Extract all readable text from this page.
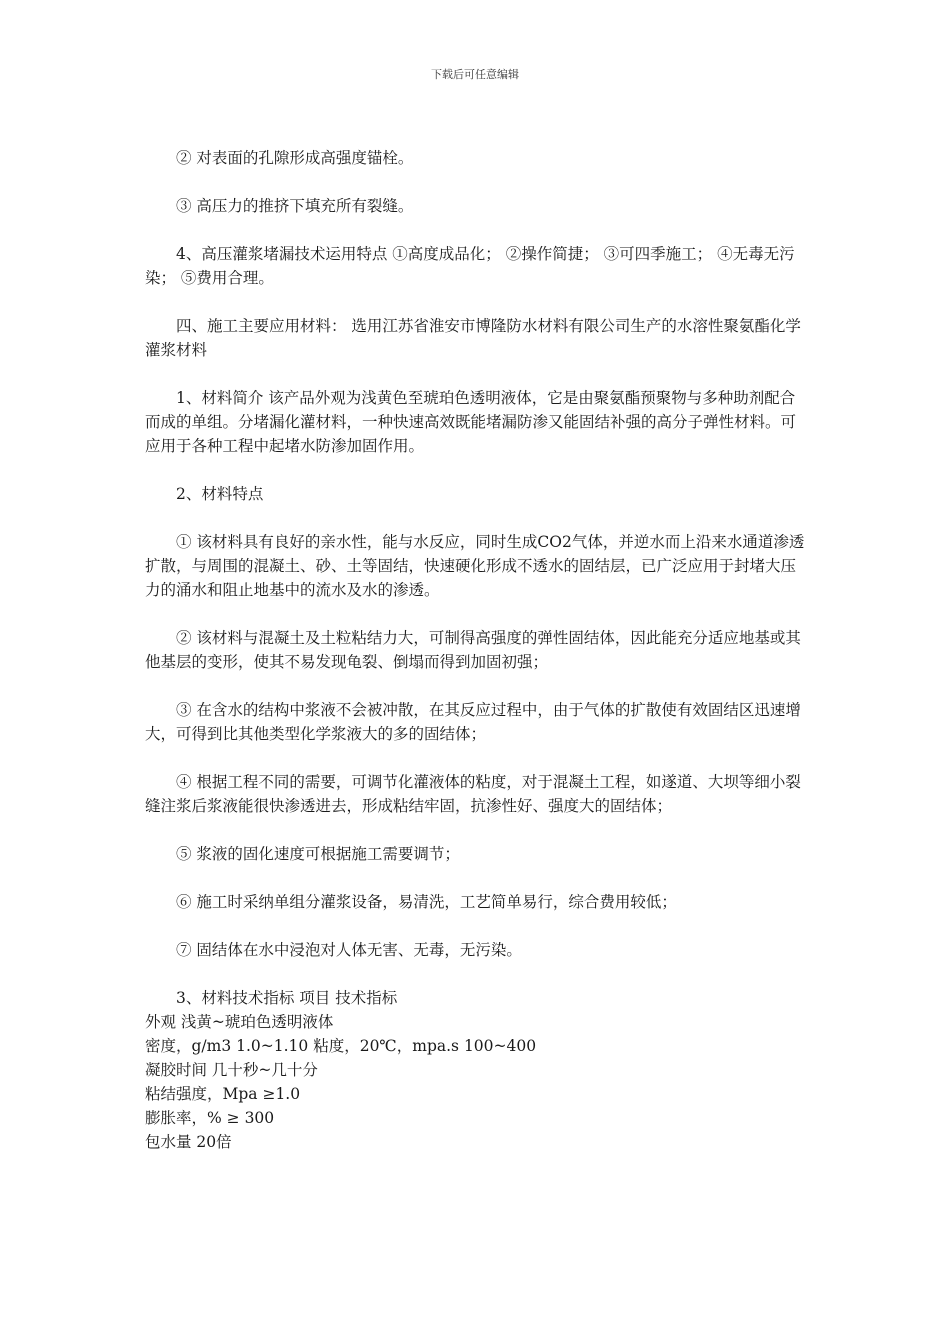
下载后可任意编辑

② 对表面的孔隙形成高强度锚栓。

③ 高压力的推挤下填充所有裂缝。

4、高压灌浆堵漏技术运用特点 ①高度成品化； ②操作简捷； ③可四季施工； ④无毒无污染； ⑤费用合理。

四、施工主要应用材料： 选用江苏省淮安市博隆防水材料有限公司生产的水溶性聚氨酯化学灌浆材料

1、材料简介 该产品外观为浅黄色至琥珀色透明液体，它是由聚氨酯预聚物与多种助剂配合而成的单组。分堵漏化灌材料，一种快速高效既能堵漏防渗又能固结补强的高分子弹性材料。可应用于各种工程中起堵水防渗加固作用。

2、材料特点

① 该材料具有良好的亲水性，能与水反应，同时生成CO2气体，并逆水而上沿来水通道渗透扩散，与周围的混凝土、砂、土等固结，快速硬化形成不透水的固结层，已广泛应用于封堵大压力的涌水和阻止地基中的流水及水的渗透。

② 该材料与混凝土及土粒粘结力大，可制得高强度的弹性固结体，因此能充分适应地基或其他基层的变形，使其不易发现龟裂、倒塌而得到加固初强；

③ 在含水的结构中浆液不会被冲散，在其反应过程中，由于气体的扩散使有效固结区迅速增大，可得到比其他类型化学浆液大的多的固结体；

④ 根据工程不同的需要，可调节化灌液体的粘度，对于混凝土工程，如遂道、大坝等细小裂缝注浆后浆液能很快渗透进去，形成粘结牢固，抗渗性好、强度大的固结体；

⑤ 浆液的固化速度可根据施工需要调节；

⑥ 施工时采纳单组分灌浆设备，易清洗，工艺简单易行，综合费用较低；

⑦ 固结体在水中浸泡对人体无害、无毒，无污染。

3、材料技术指标 项目 技术指标

外观 浅黄~琥珀色透明液体

密度，g/m3 1.0~1.10 粘度，20℃，mpa.s 100~400

凝胶时间 几十秒~几十分

粘结强度，Mpa ≥1.0

膨胀率，% ≥ 300

包水量 20倍
